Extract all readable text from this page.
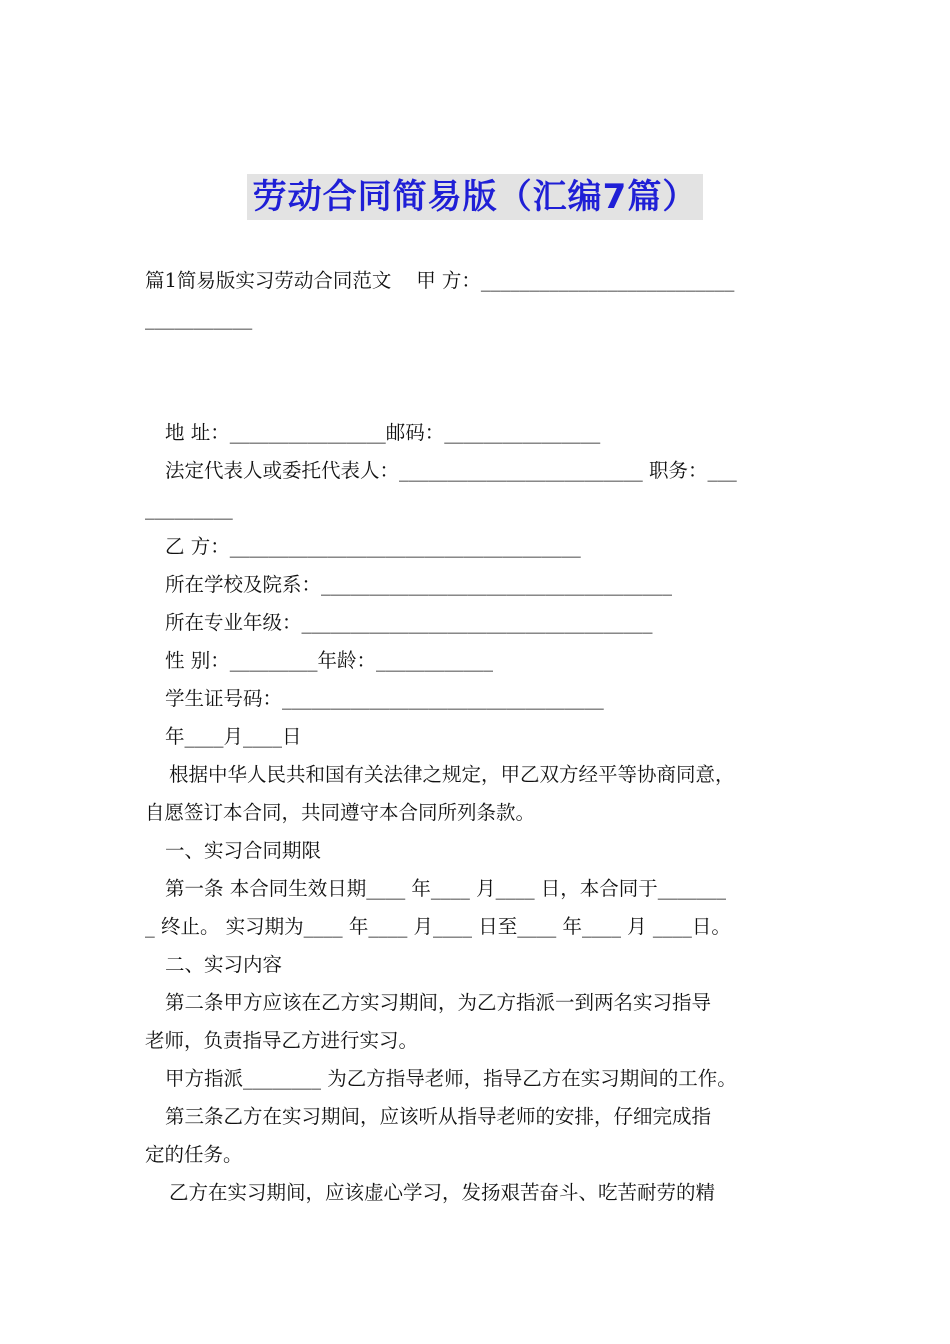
劳动合同简易版（汇编7篇）

篇1简易版实习劳动合同范文    甲 方：__________________________

___________

地 址：________________邮码：________________

法定代表人或委托代表人：_________________________ 职务：___

_________

乙 方：____________________________________

所在学校及院系：____________________________________

所在专业年级：____________________________________

性 别：_________年龄：____________

学生证号码：_________________________________

年____月____日

根据中华人民共和国有关法律之规定，甲乙双方经平等协商同意，

自愿签订本合同，共同遵守本合同所列条款。

一、实习合同期限

第一条 本合同生效日期____ 年____ 月____ 日，本合同于_______

_ 终止。 实习期为____ 年____ 月____ 日至____ 年____ 月 ____日。

二、实习内容

第二条甲方应该在乙方实习期间，为乙方指派一到两名实习指导

老师，负责指导乙方进行实习。

甲方指派________ 为乙方指导老师，指导乙方在实习期间的工作。

第三条乙方在实习期间，应该听从指导老师的安排，仔细完成指

定的任务。

乙方在实习期间，应该虚心学习，发扬艰苦奋斗、吃苦耐劳的精
